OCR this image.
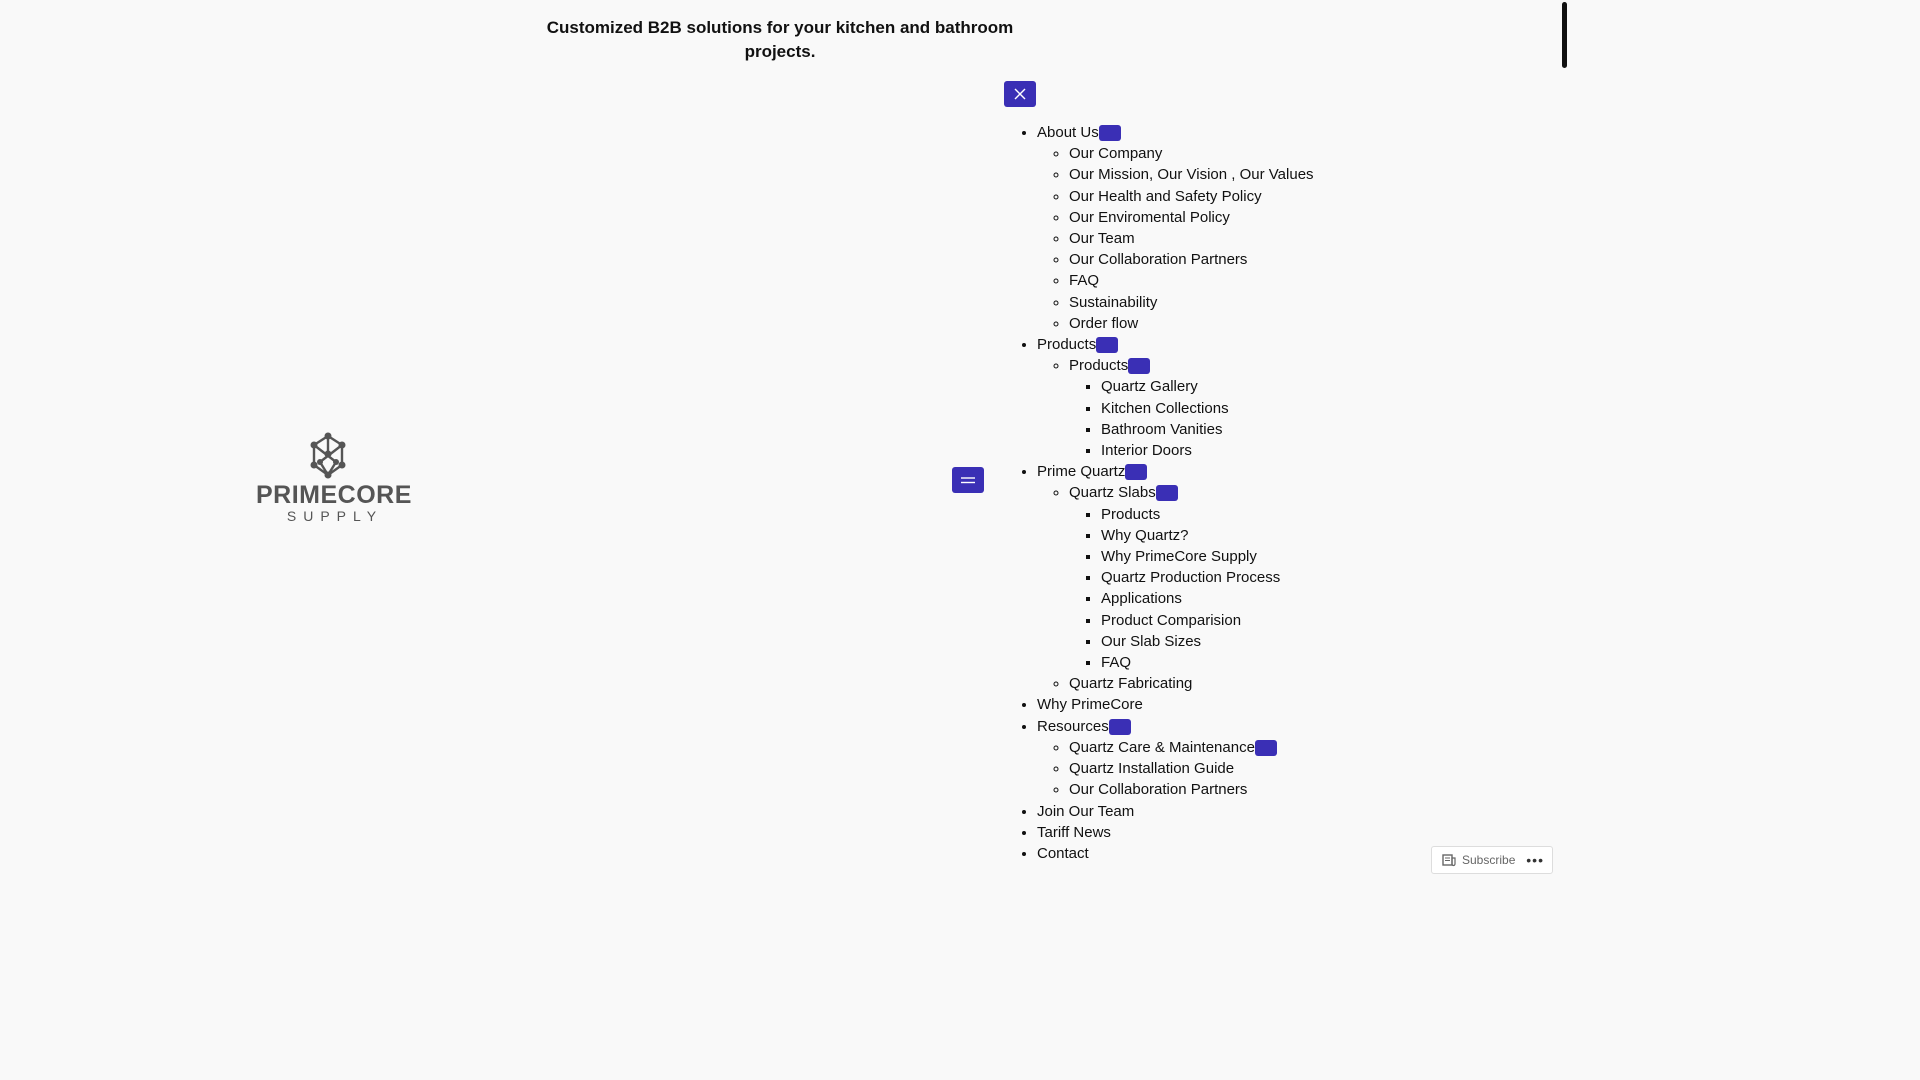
Customized B2B solutions for your kitchen and bathroom projects.
PRIMECORE
SUPPLY
• About Us
◦ Our Company
◦ Our Mission, Our Vision , Our Values
◦ Our Health and Safety Policy
◦ Our Enviromental Policy
◦ Our Team
◦ Our Collaboration Partners
◦ FAQ
◦ Sustainability
◦ Order flow
• Products
◦ Products
▪ Quartz Gallery
▪ Kitchen Collections
▪ Bathroom Vanities
▪ Interior Doors
• Prime Quartz
◦ Quartz Slabs
▪ Products
▪ Why Quartz?
▪ Why PrimeCore Supply
▪ Quartz Production Process
▪ Applications
▪ Product Comparision
▪ Our Slab Sizes
▪ FAQ
◦ Quartz Fabricating
• Why PrimeCore
• Resources
◦ Quartz Care & Maintenance
◦ Quartz Installation Guide
◦ Our Collaboration Partners
• Join Our Team
• Tariff News
• Contact	Subscribe •••
